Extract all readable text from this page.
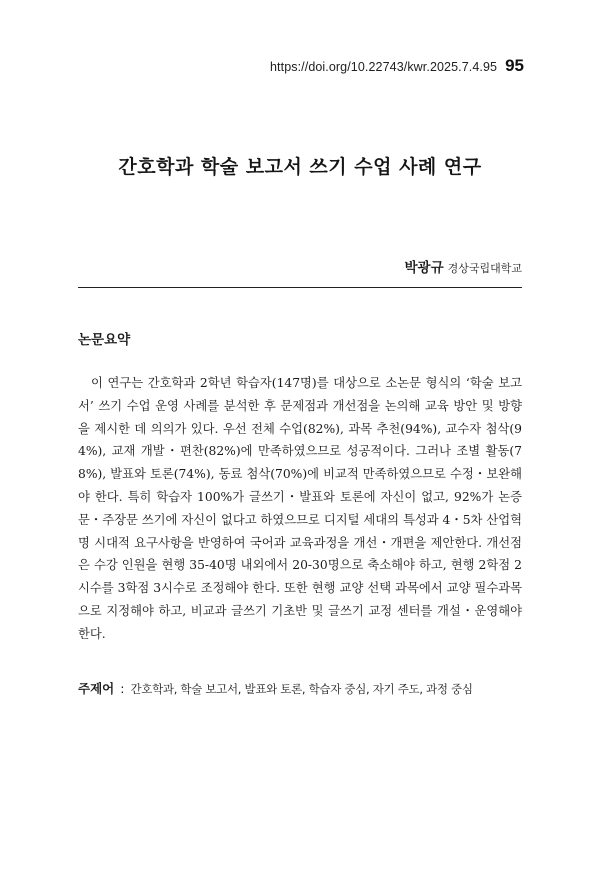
https://doi.org/10.22743/kwr.2025.7.4.95 95
간호학과 학술 보고서 쓰기 수업 사례 연구
박광규 경상국립대학교
논문요약

이 연구는 간호학과 2학년 학습자(147명)를 대상으로 소논문 형식의 ‘학술 보고서’ 쓰기 수업 운영 사례를 분석한 후 문제점과 개선점을 논의해 교육 방안 및 방향을 제시한 데 의의가 있다. 우선 전체 수업(82%), 과목 추천(94%), 교수자 첨삭(94%), 교재 개발・편찬(82%)에 만족하였으므로 성공적이다. 그러나 조별 활동(78%), 발표와 토론(74%), 동료 첨삭(70%)에 비교적 만족하였으므로 수정・보완해야 한다. 특히 학습자 100%가 글쓰기・발표와 토론에 자신이 없고, 92%가 논증문・주장문 쓰기에 자신이 없다고 하였으므로 디지털 세대의 특성과 4・5차 산업혁명 시대적 요구사항을 반영하여 국어과 교육과정을 개선・개편을 제안한다. 개선점은 수강 인원을 현행 35-40명 내외에서 20-30명으로 축소해야 하고, 현행 2학점 2시수를 3학점 3시수로 조정해야 한다. 또한 현행 교양 선택 과목에서 교양 필수과목으로 지정해야 하고, 비교과 글쓰기 기초반 및 글쓰기 교정 센터를 개설・운영해야 한다.

주제어 : 간호학과, 학술 보고서, 발표와 토론, 학습자 중심, 자기 주도, 과정 중심
